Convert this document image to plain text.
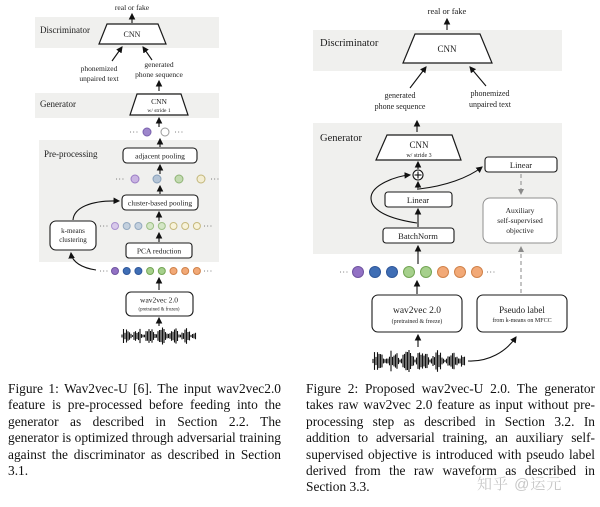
Discriminator
Generator
Pre-processing
real or fake
CNN
phonemized
unpaired text
generated
phone sequence
CNN
w/ stride 1
···	···
adjacent pooling
···	···
cluster-based pooling
···	···
k-means
clustering
PCA reduction
···	···
wav2vec 2.0
(pretrained & frozen)
Discriminator
Generator
real or fake
CNN
generated
phone sequence
phonemized
unpaired text
CNN
w/ stride 3
Linear
Linear
BatchNorm
Auxiliary
self-supervised
objective
···	···
wav2vec 2.0
(pretrained & freeze)
Pseudo label
from k-means on MFCC
Figure 1: Wav2vec-U [6]. The input wav2vec2.0 feature is pre-processed before feeding into the generator as described in Section 2.2. The generator is optimized through adversarial training against the discriminator as described in Section 3.1.
Figure 2: Proposed wav2vec-U 2.0. The generator takes raw wav2vec 2.0 feature as input without pre-processing step as described in Section 3.2. In addition to adversarial training, an auxiliary self-supervised objective is introduced with pseudo label derived from the raw waveform as described in Section 3.3.	知乎 @运元
